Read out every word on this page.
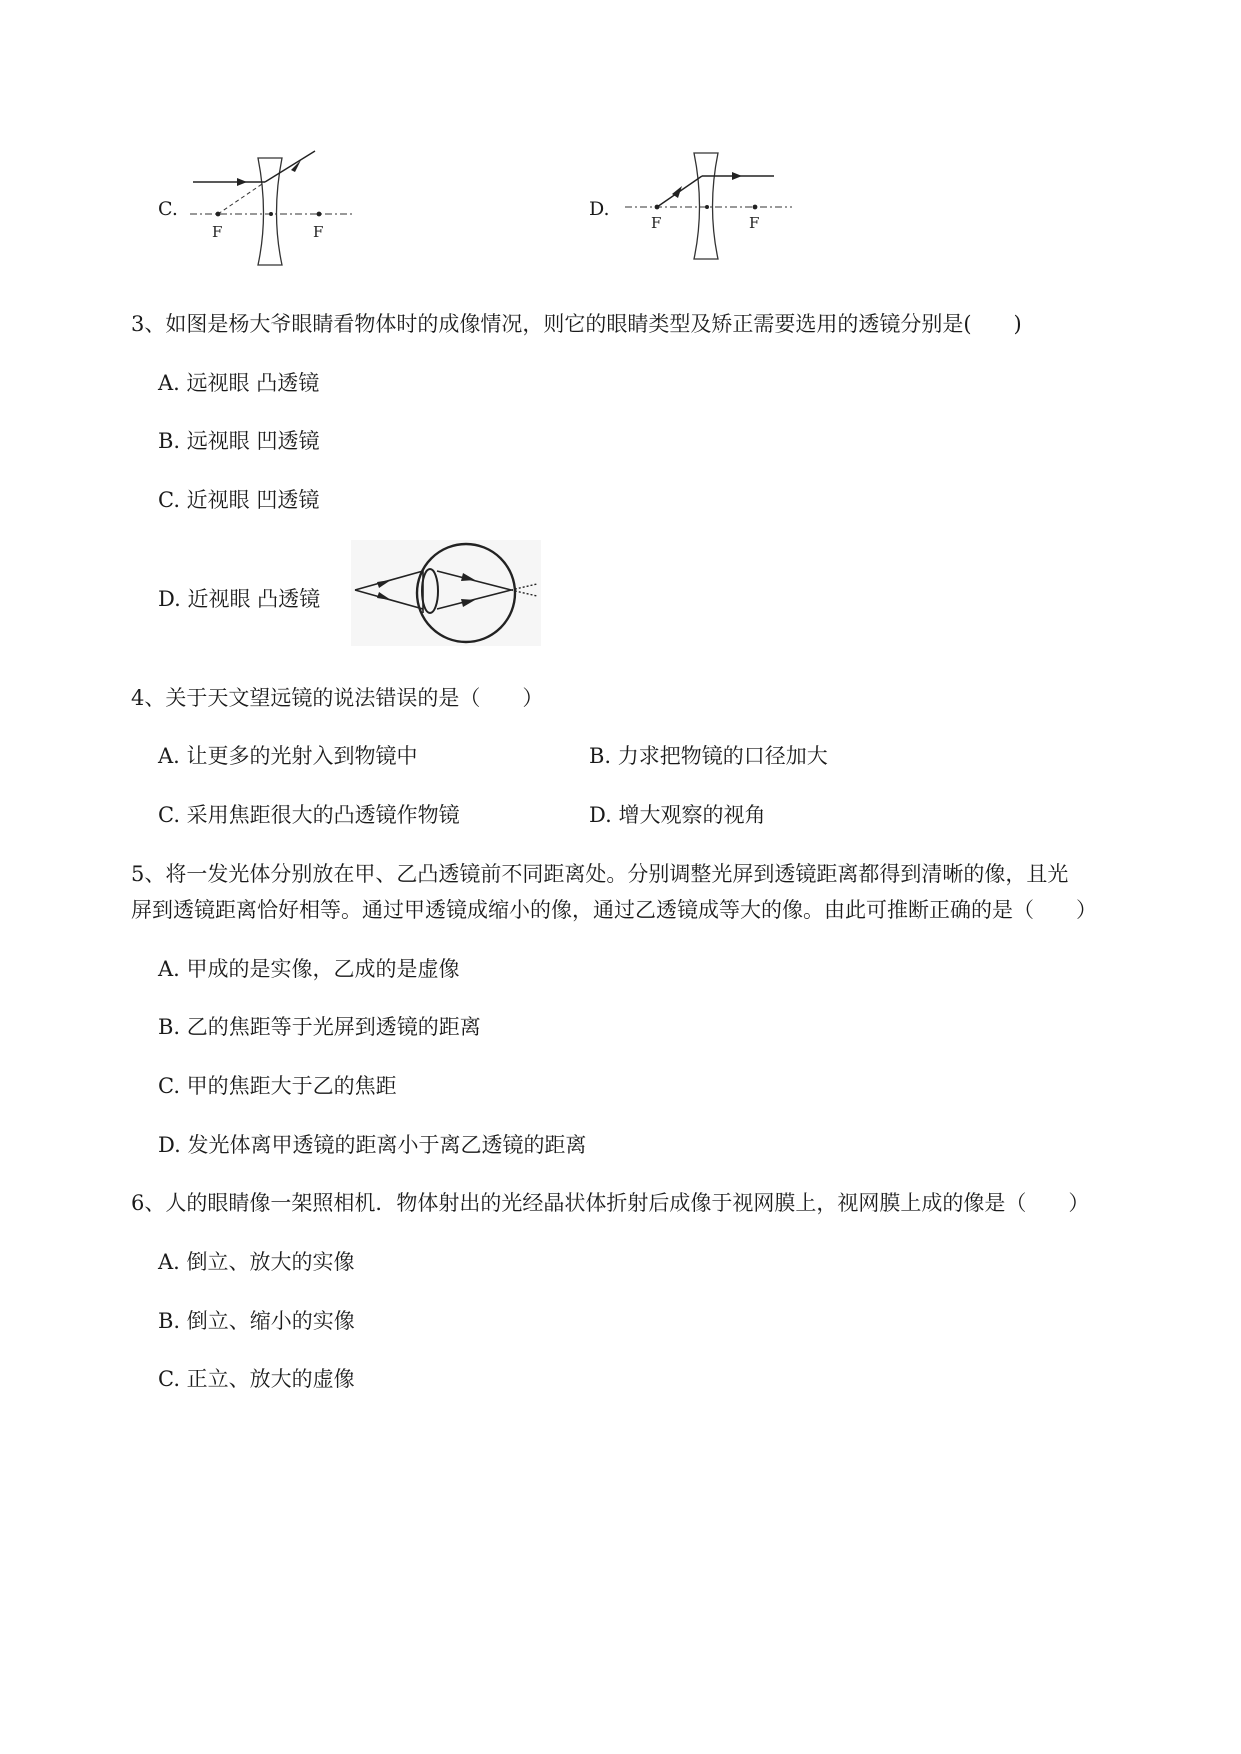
C.
F	F
D.
F	F
3、如图是杨大爷眼睛看物体时的成像情况，则它的眼睛类型及矫正需要选用的透镜分别是(　　)
A. 远视眼 凸透镜
B. 远视眼 凹透镜
C. 近视眼 凹透镜
D. 近视眼 凸透镜
4、关于天文望远镜的说法错误的是（　　）
A. 让更多的光射入到物镜中	B. 力求把物镜的口径加大
C. 采用焦距很大的凸透镜作物镜	D. 增大观察的视角
5、将一发光体分别放在甲、乙凸透镜前不同距离处。分别调整光屏到透镜距离都得到清晰的像，且光
屏到透镜距离恰好相等。通过甲透镜成缩小的像，通过乙透镜成等大的像。由此可推断正确的是（　　）
A. 甲成的是实像，乙成的是虚像
B. 乙的焦距等于光屏到透镜的距离
C. 甲的焦距大于乙的焦距
D. 发光体离甲透镜的距离小于离乙透镜的距离
6、人的眼睛像一架照相机．物体射出的光经晶状体折射后成像于视网膜上，视网膜上成的像是（　　）
A. 倒立、放大的实像
B. 倒立、缩小的实像
C. 正立、放大的虚像
